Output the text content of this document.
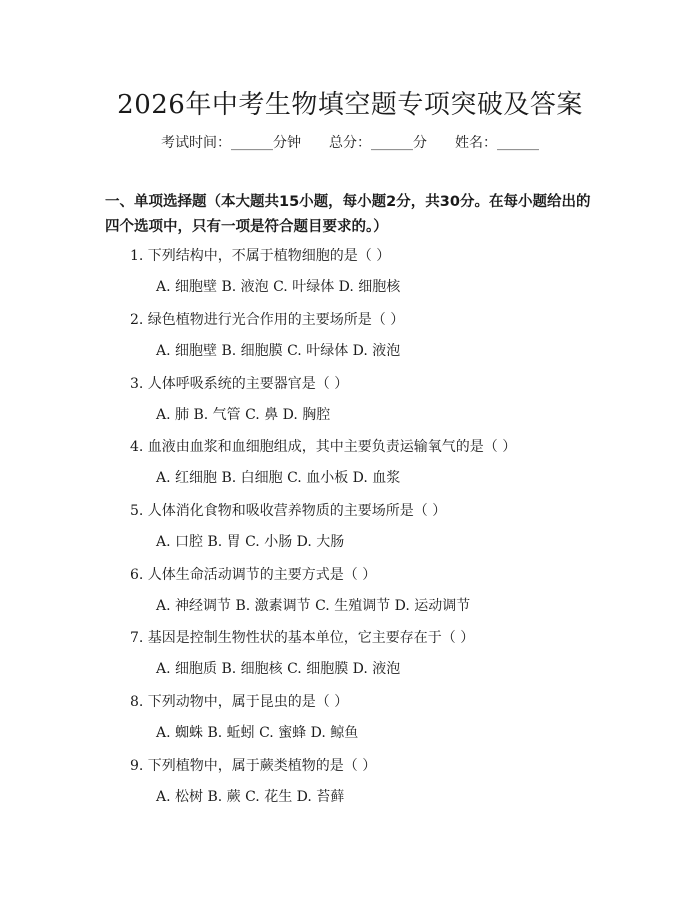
2026年中考生物填空题专项突破及答案
考试时间：______分钟 总分：______分 姓名：______
一、单项选择题（本大题共15小题，每小题2分，共30分。在每小题给出的四个选项中，只有一项是符合题目要求的。）
1. 下列结构中，不属于植物细胞的是（ ）
A. 细胞壁 B. 液泡 C. 叶绿体 D. 细胞核
2. 绿色植物进行光合作用的主要场所是（ ）
A. 细胞壁 B. 细胞膜 C. 叶绿体 D. 液泡
3. 人体呼吸系统的主要器官是（ ）
A. 肺 B. 气管 C. 鼻 D. 胸腔
4. 血液由血浆和血细胞组成，其中主要负责运输氧气的是（ ）
A. 红细胞 B. 白细胞 C. 血小板 D. 血浆
5. 人体消化食物和吸收营养物质的主要场所是（ ）
A. 口腔 B. 胃 C. 小肠 D. 大肠
6. 人体生命活动调节的主要方式是（ ）
A. 神经调节 B. 激素调节 C. 生殖调节 D. 运动调节
7. 基因是控制生物性状的基本单位，它主要存在于（ ）
A. 细胞质 B. 细胞核 C. 细胞膜 D. 液泡
8. 下列动物中，属于昆虫的是（ ）
A. 蜘蛛 B. 蚯蚓 C. 蜜蜂 D. 鲸鱼
9. 下列植物中，属于蕨类植物的是（ ）
A. 松树 B. 蕨 C. 花生 D. 苔藓
